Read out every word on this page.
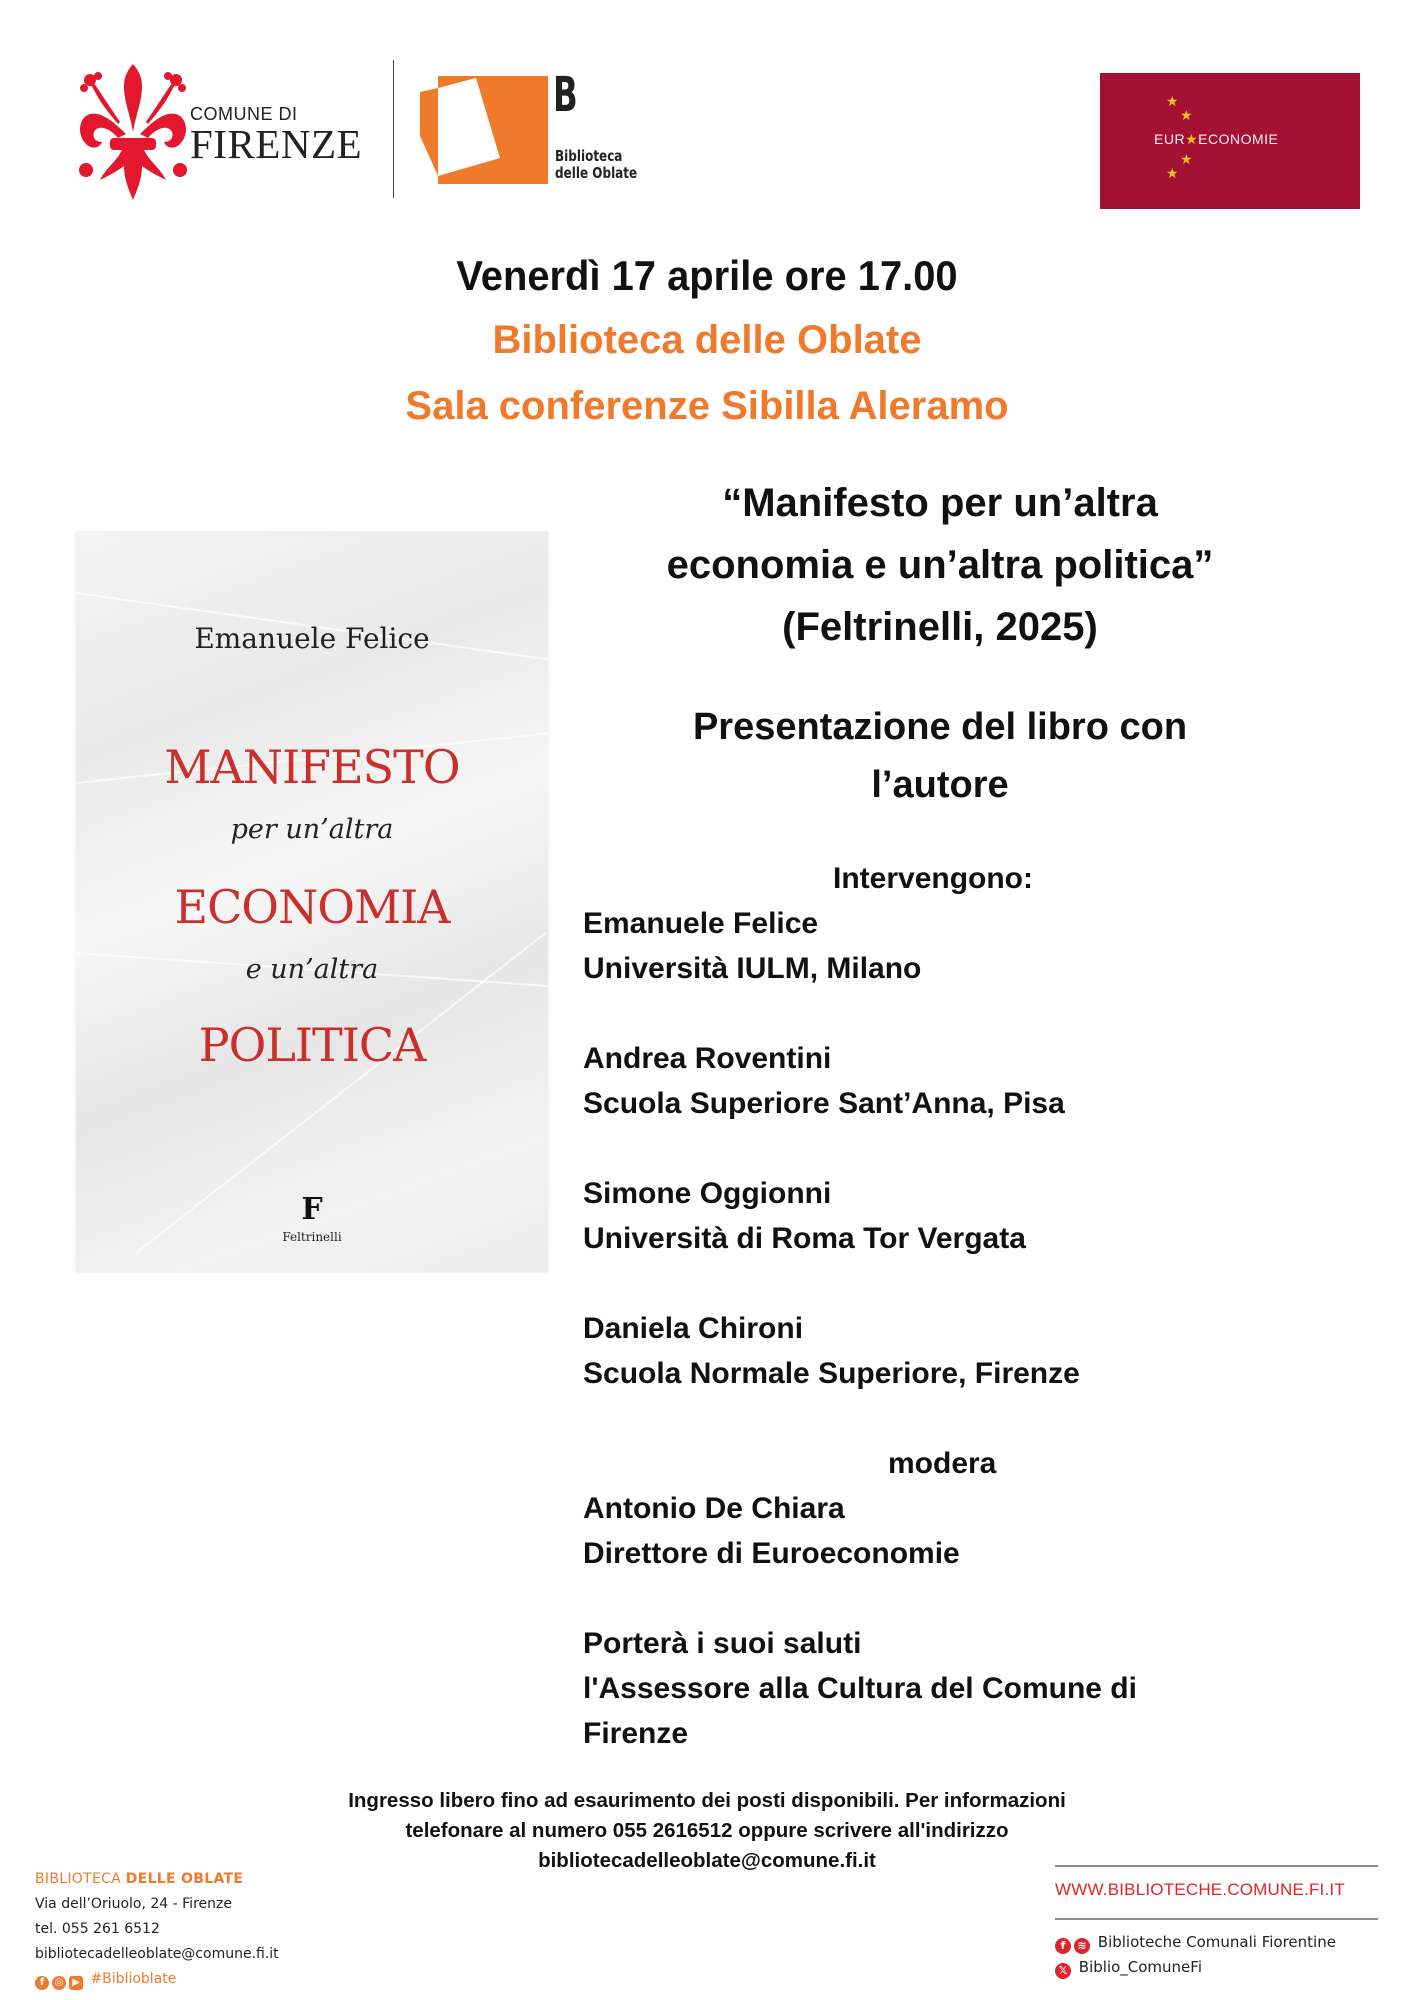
COMUNE DI
FIRENZE
B
Biblioteca
delle Oblate
★
★
★
★
EUR★ECONOMIE
Venerdì 17 aprile ore 17.00
Biblioteca delle Oblate
Sala conferenze Sibilla Aleramo
Emanuele Felice
MANIFESTO
per un’altra
ECONOMIA
e un’altra
POLITICA
F
Feltrinelli
“Manifesto per un’altra
economia e un’altra politica”
(Feltrinelli, 2025)
Presentazione del libro con
l’autore
Intervengono:
Emanuele Felice
Università IULM, Milano
Andrea Roventini
Scuola Superiore Sant’Anna, Pisa
Simone Oggionni
Università di Roma Tor Vergata
Daniela Chironi
Scuola Normale Superiore, Firenze
modera
Antonio De Chiara
Direttore di Euroeconomie
Porterà i suoi saluti
l'Assessore alla Cultura del Comune di
Firenze
Ingresso libero fino ad esaurimento dei posti disponibili. Per informazioni
telefonare al numero 055 2616512 oppure scrivere all'indirizzo
bibliotecadelleoblate@comune.fi.it
BIBLIOTECA DELLE OBLATE
Via dell’Oriuolo, 24 - Firenze
tel. 055 261 6512
bibliotecadelleoblate@comune.fi.it
f ◎ ▶ #Biblioblate
WWW.BIBLIOTECHE.COMUNE.FI.IT
f ≋ Biblioteche Comunali Fiorentine
𝕏 Biblio_ComuneFi
